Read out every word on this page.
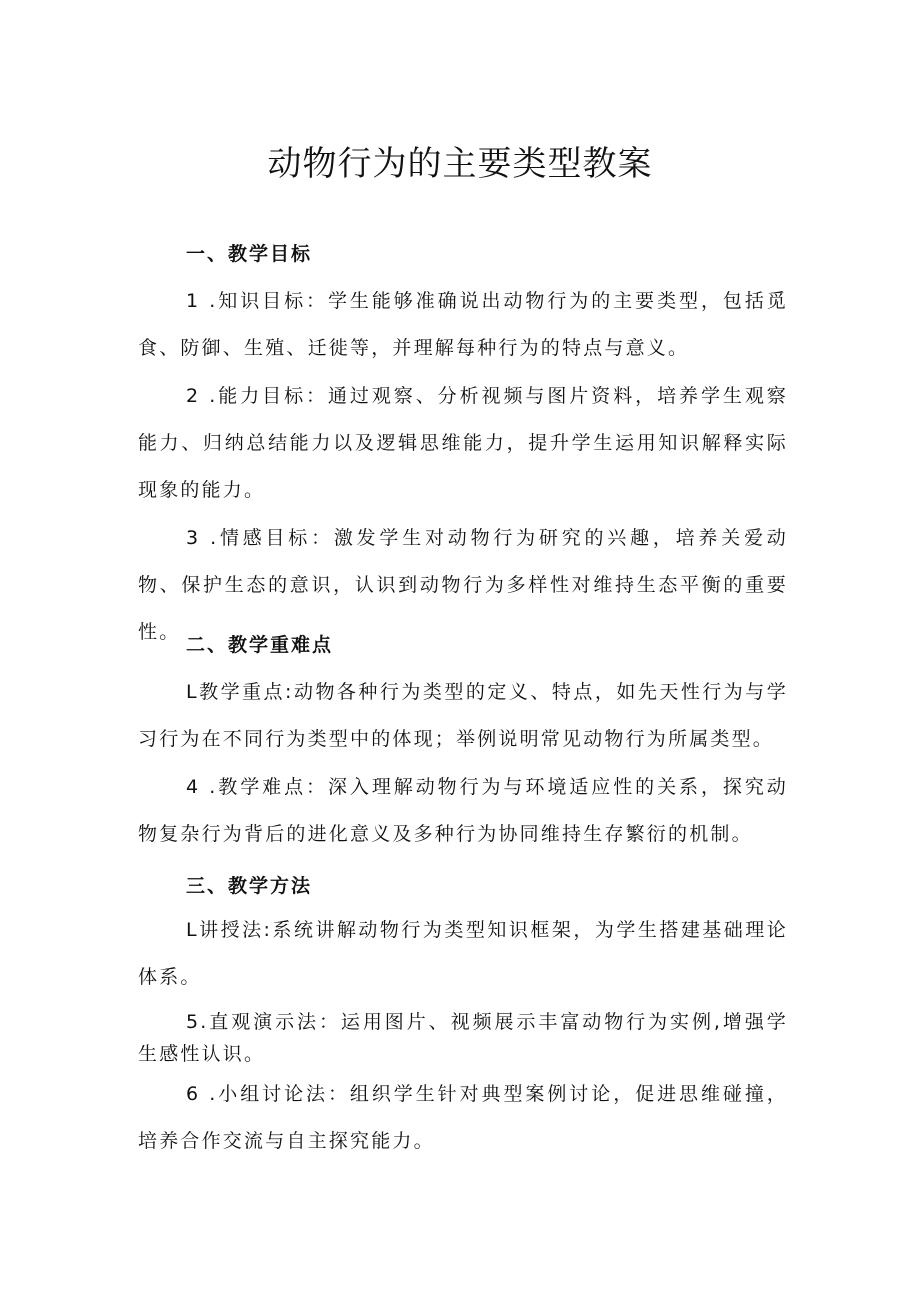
动物行为的主要类型教案
一、教学目标
1 .知识目标：学生能够准确说出动物行为的主要类型，包括觅食、防御、生殖、迁徙等，并理解每种行为的特点与意义。
2 .能力目标：通过观察、分析视频与图片资料，培养学生观察能力、归纳总结能力以及逻辑思维能力，提升学生运用知识解释实际现象的能力。
3 .情感目标：激发学生对动物行为研究的兴趣，培养关爱动物、保护生态的意识，认识到动物行为多样性对维持生态平衡的重要性。
二、教学重难点
L教学重点:动物各种行为类型的定义、特点，如先天性行为与学习行为在不同行为类型中的体现；举例说明常见动物行为所属类型。
4 .教学难点：深入理解动物行为与环境适应性的关系，探究动物复杂行为背后的进化意义及多种行为协同维持生存繁衍的机制。
三、教学方法
L讲授法:系统讲解动物行为类型知识框架，为学生搭建基础理论体系。
5.直观演示法：运用图片、视频展示丰富动物行为实例,增强学生感性认识。
6 .小组讨论法：组织学生针对典型案例讨论，促进思维碰撞，培养合作交流与自主探究能力。
